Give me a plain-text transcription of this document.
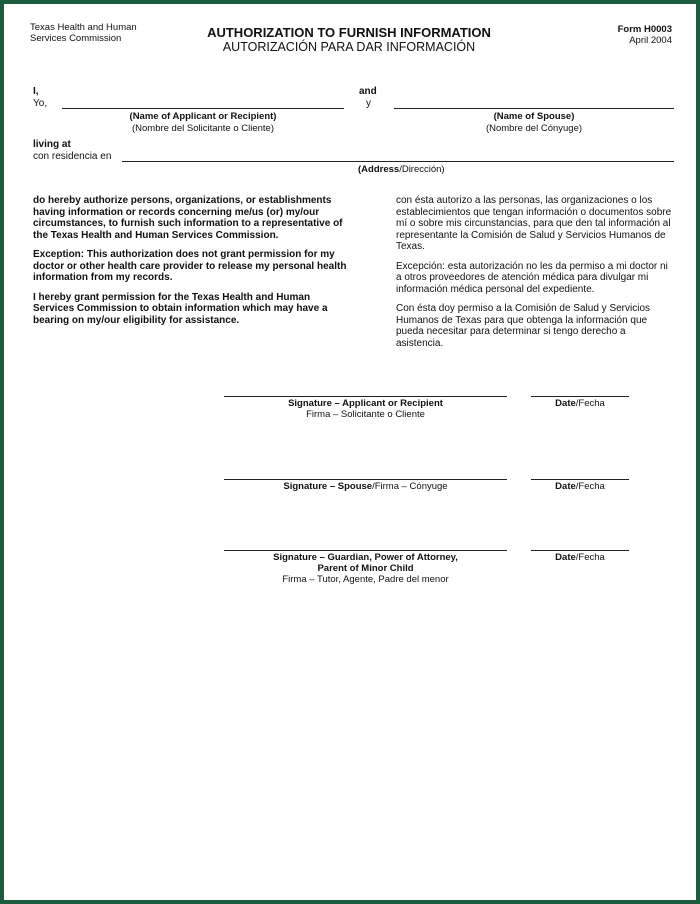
Texas Health and Human
Services Commission	AUTHORIZATION TO FURNISH INFORMATION
AUTORIZACIÓN PARA DAR INFORMACIÓN
Form H0003
April 2004
I,
Yo,
(Name of Applicant or Recipient)
(Nombre del Solicitante o Cliente)
and
y
(Name of Spouse)
(Nombre del Cónyuge)
living at
con residencia en
(Address/Dirección)

do hereby authorize persons, organizations, or establishments having information or records concerning me/us (or) my/our circumstances, to furnish such information to a representative of the Texas Health and Human Services Commission.

Exception: This authorization does not grant permission for my doctor or other health care provider to release my personal health information from my records.

I hereby grant permission for the Texas Health and Human Services Commission to obtain information which may have a bearing on my/our eligibility for assistance.

con ésta autorizo a las personas, las organizaciones o los establecimientos que tengan información o documentos sobre mí o sobre mis circunstancias, para que den tal información al representante la Comisión de Salud y Servicios Humanos de Texas.

Excepción: esta autorización no les da permiso a mi doctor ni a otros proveedores de atención médica para divulgar mi información médica personal del expediente.

Con ésta doy permiso a la Comisión de Salud y Servicios Humanos de Texas para que obtenga la información que pueda necesitar para determinar si tengo derecho a asistencia.

Signature – Applicant or Recipient
Firma – Solicitante o Cliente
Date/Fecha
Signature – Spouse/Firma – Cónyuge	Date/Fecha
Signature – Guardian, Power of Attorney,
Parent of Minor Child
Firma – Tutor, Agente, Padre del menor
Date/Fecha
